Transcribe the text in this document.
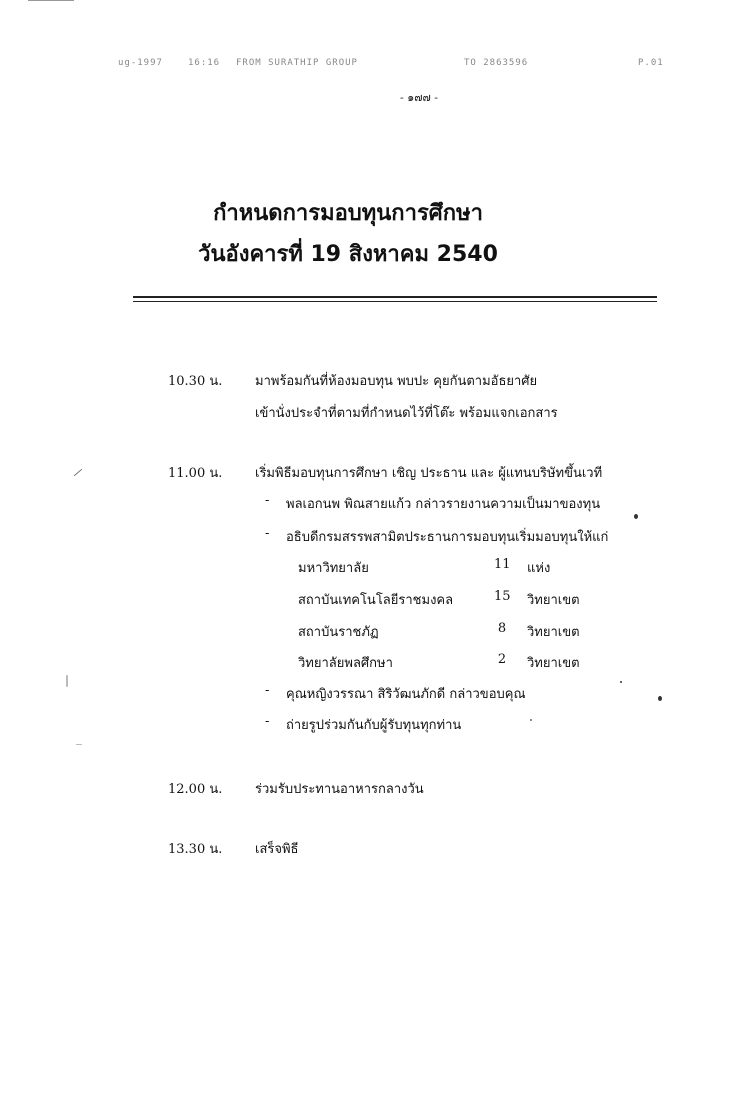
ug-1997	16:16 FROM SURATHIP GROUP	TO 2863596	P.01
- ๑๗๗ -
กำหนดการมอบทุนการศึกษา
วันอังคารที่ 19 สิงหาคม 2540
10.30 น.	มาพร้อมกันที่ห้องมอบทุน พบปะ คุยกันตามอัธยาศัย
เข้านั่งประจำที่ตามที่กำหนดไว้ที่โต๊ะ พร้อมแจกเอกสาร
11.00 น.	เริ่มพิธีมอบทุนการศึกษา เชิญ ประธาน และ ผู้แทนบริษัทขึ้นเวที
- พลเอกนพ พิณสายแก้ว กล่าวรายงานความเป็นมาของทุน
- อธิบดีกรมสรรพสามิตประธานการมอบทุนเริ่มมอบทุนให้แก่
มหาวิทยาลัย	11 แห่ง
สถาบันเทคโนโลยีราชมงคล	15 วิทยาเขต
สถาบันราชภัฏ	8 วิทยาเขต
วิทยาลัยพลศึกษา	2 วิทยาเขต
- คุณหญิงวรรณา สิริวัฒนภักดี กล่าวขอบคุณ
- ถ่ายรูปร่วมกันกับผู้รับทุนทุกท่าน
12.00 น.	ร่วมรับประทานอาหารกลางวัน
13.30 น.	เสร็จพิธี
